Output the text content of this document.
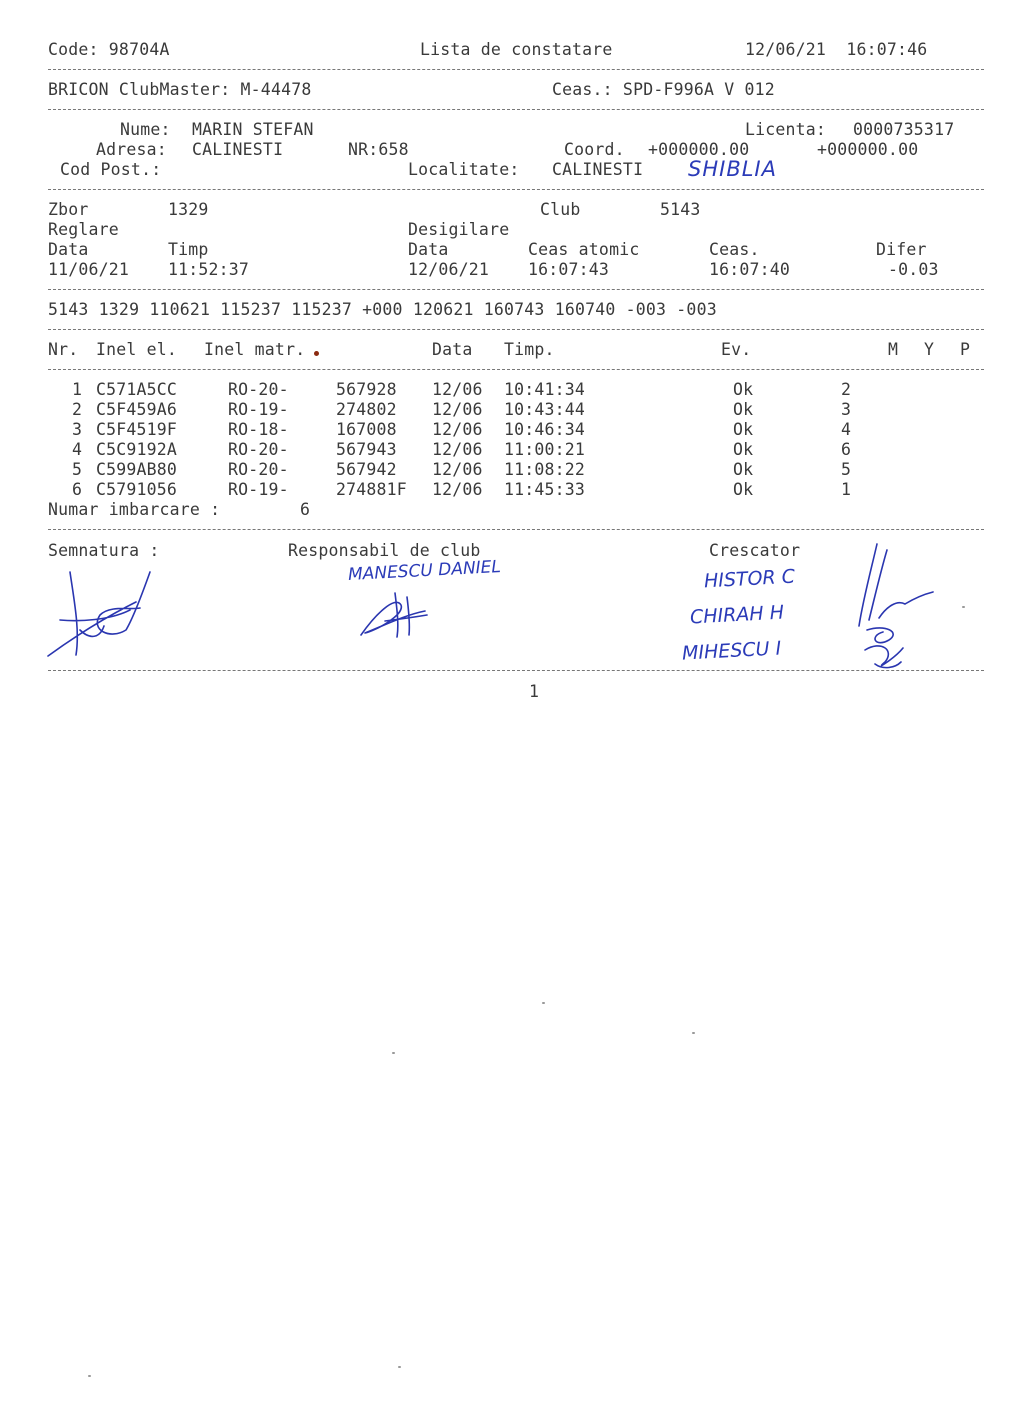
Code: 98704A	Lista de constatare	12/06/21  16:07:46
BRICON ClubMaster: M-44478	Ceas.: SPD-F996A V 012
Nume: MARIN STEFAN	Licenta: 0000735317
Adresa: CALINESTI	NR:658	Coord. +000000.00	+000000.00
Cod Post.:	Localitate: CALINESTI SHIBLIA
Zbor	1329	Club	5143
Reglare	Desigilare
Data	Timp	Data	Ceas atomic	Ceas.	Difer
11/06/21 11:52:37	12/06/21 16:07:43	16:07:40	-0.03
5143 1329 110621 115237 115237 +000 120621 160743 160740 -003 -003
Nr. Inel el. Inel matr.	Data Timp.	Ev.	M Y P
1 C571A5CC	RO-20-	567928 12/06 10:41:34	Ok	2
2 C5F459A6	RO-19-	274802 12/06 10:43:44	Ok	3
3 C5F4519F	RO-18-	167008 12/06 10:46:34	Ok	4
4 C5C9192A	RO-20-	567943 12/06 11:00:21	Ok	6
5 C599AB80	RO-20-	567942 12/06 11:08:22	Ok	5
6 C5791056	RO-19-	274881F 12/06 11:45:33	Ok	1
Numar imbarcare :	6
Semnatura :	Responsabil de club	Crescator
MANESCU DANIEL	HISTOR C
CHIRAH H
MIHESCU I
1
